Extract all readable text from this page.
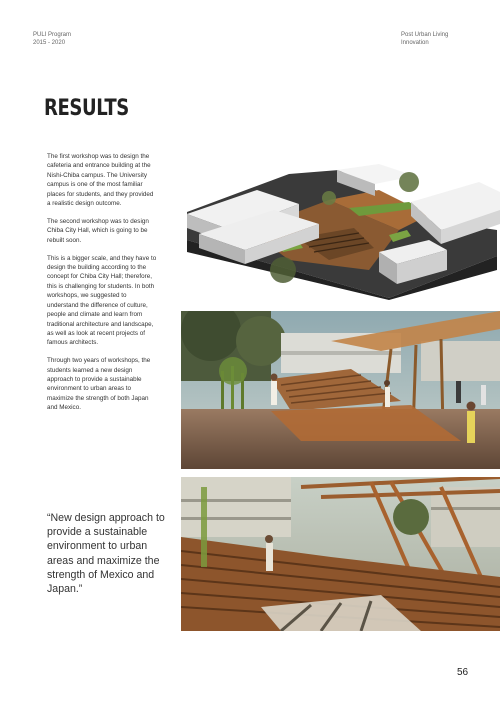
PULI Program
2015 - 2020
Post Urban Living
Innovation
RESULTS

The first workshop was to design the cafeteria and entrance building at the Nishi-Chiba campus. The University campus is one of the most familiar places for students, and they provided a realistic design outcome.

The second workshop was to design Chiba City Hall, which is going to be rebuilt soon.

This is a bigger scale, and they have to design the building according to the concept for Chiba City Hall; therefore, this is challenging for students. In both workshops, we suggested to understand the difference of culture, people and climate and learn from traditional architecture and landscape, as well as look at recent projects of famous architects.

Through two years of workshops, the students learned a new design approach to provide a sustainable environment to urban areas to maximize the strength of both Japan and Mexico.

“New design approach to provide a sustainable environment to urban areas and maximize the strength of Mexico and Japan.”
56
